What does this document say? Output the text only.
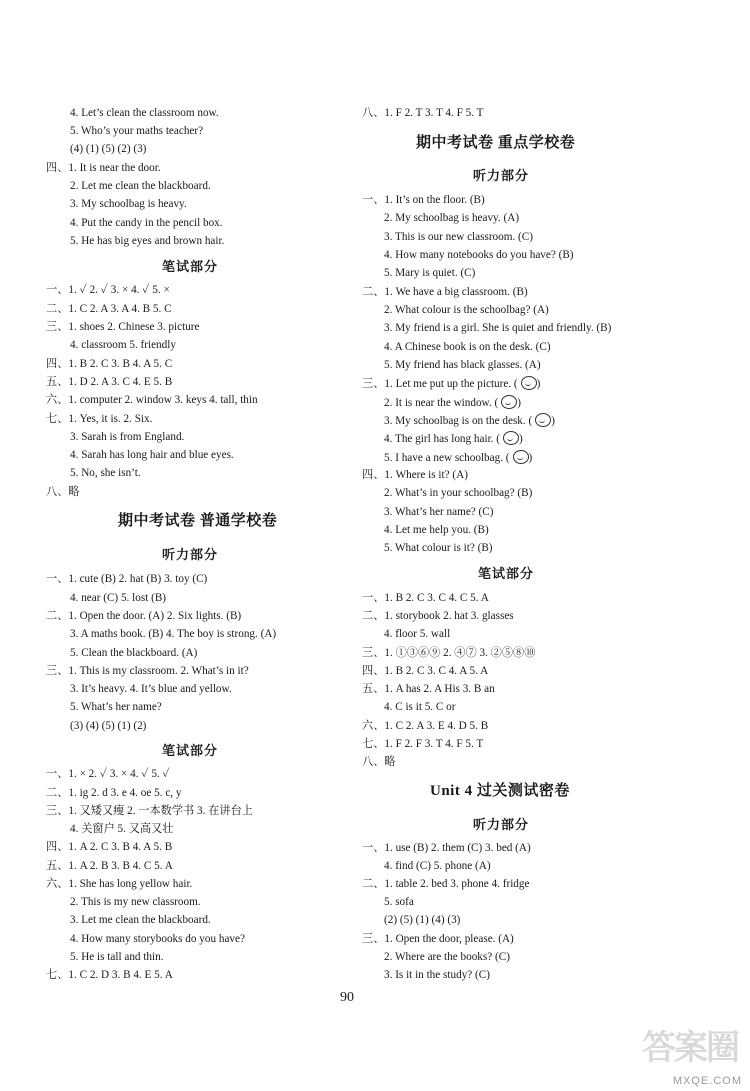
4. Let’s clean the classroom now.
5. Who’s your maths teacher?
(4) (1) (5) (2) (3)
四、1. It is near the door.
2. Let me clean the blackboard.
3. My schoolbag is heavy.
4. Put the candy in the pencil box.
5. He has big eyes and brown hair.
笔试部分
一、1. ✓ 2. ✓ 3. × 4. ✓ 5. ×
二、1. C 2. A 3. A 4. B 5. C
三、1. shoes 2. Chinese 3. picture
4. classroom 5. friendly
四、1. B 2. C 3. B 4. A 5. C
五、1. D 2. A 3. C 4. E 5. B
六、1. computer 2. window 3. keys 4. tall, thin
七、1. Yes, it is. 2. Six.
3. Sarah is from England.
4. Sarah has long hair and blue eyes.
5. No, she isn’t.
八、略
期中考试卷 普通学校卷
听力部分
一、1. cute (B) 2. hat (B) 3. toy (C)
4. near (C) 5. lost (B)
二、1. Open the door. (A) 2. Six lights. (B)
3. A maths book. (B) 4. The boy is strong. (A)
5. Clean the blackboard. (A)
三、1. This is my classroom. 2. What’s in it?
3. It’s heavy. 4. It’s blue and yellow.
5. What’s her name?
(3) (4) (5) (1) (2)
笔试部分
一、1. × 2. ✓ 3. × 4. ✓ 5. ✓
二、1. ig 2. d 3. e 4. oe 5. c, y
三、1. 又矮又瘦 2. 一本数学书 3. 在讲台上
4. 关窗户 5. 又高又壮
四、1. A 2. C 3. B 4. A 5. B
五、1. A 2. B 3. B 4. C 5. A
六、1. She has long yellow hair.
2. This is my new classroom.
3. Let me clean the blackboard.
4. How many storybooks do you have?
5. He is tall and thin.
七、1. C 2. D 3. B 4. E 5. A
八、1. F 2. T 3. T 4. F 5. T
期中考试卷 重点学校卷
听力部分
一、1. It’s on the floor. (B)
2. My schoolbag is heavy. (A)
3. This is our new classroom. (C)
4. How many notebooks do you have? (B)
5. Mary is quiet. (C)
二、1. We have a big classroom. (B)
2. What colour is the schoolbag? (A)
3. My friend is a girl. She is quiet and friendly. (B)
4. A Chinese book is on the desk. (C)
5. My friend has black glasses. (A)
三、1. Let me put up the picture. ( )
2. It is near the window. ( )
3. My schoolbag is on the desk. ( )
4. The girl has long hair. ( )
5. I have a new schoolbag. ( )
四、1. Where is it? (A)
2. What’s in your schoolbag? (B)
3. What’s her name? (C)
4. Let me help you. (B)
5. What colour is it? (B)
笔试部分
一、1. B 2. C 3. C 4. C 5. A
二、1. storybook 2. hat 3. glasses
4. floor 5. wall
三、1. ①③⑥⑨ 2. ④⑦ 3. ②⑤⑧⑩
四、1. B 2. C 3. C 4. A 5. A
五、1. A has 2. A His 3. B an
4. C is it 5. C or
六、1. C 2. A 3. E 4. D 5. B
七、1. F 2. F 3. T 4. F 5. T
八、略
Unit 4 过关测试密卷
听力部分
一、1. use (B) 2. them (C) 3. bed (A)
4. find (C) 5. phone (A)
二、1. table 2. bed 3. phone 4. fridge
5. sofa
(2) (5) (1) (4) (3)
三、1. Open the door, please. (A)
2. Where are the books? (C)
3. Is it in the study? (C)
90
答案圈
MXQE.COM
